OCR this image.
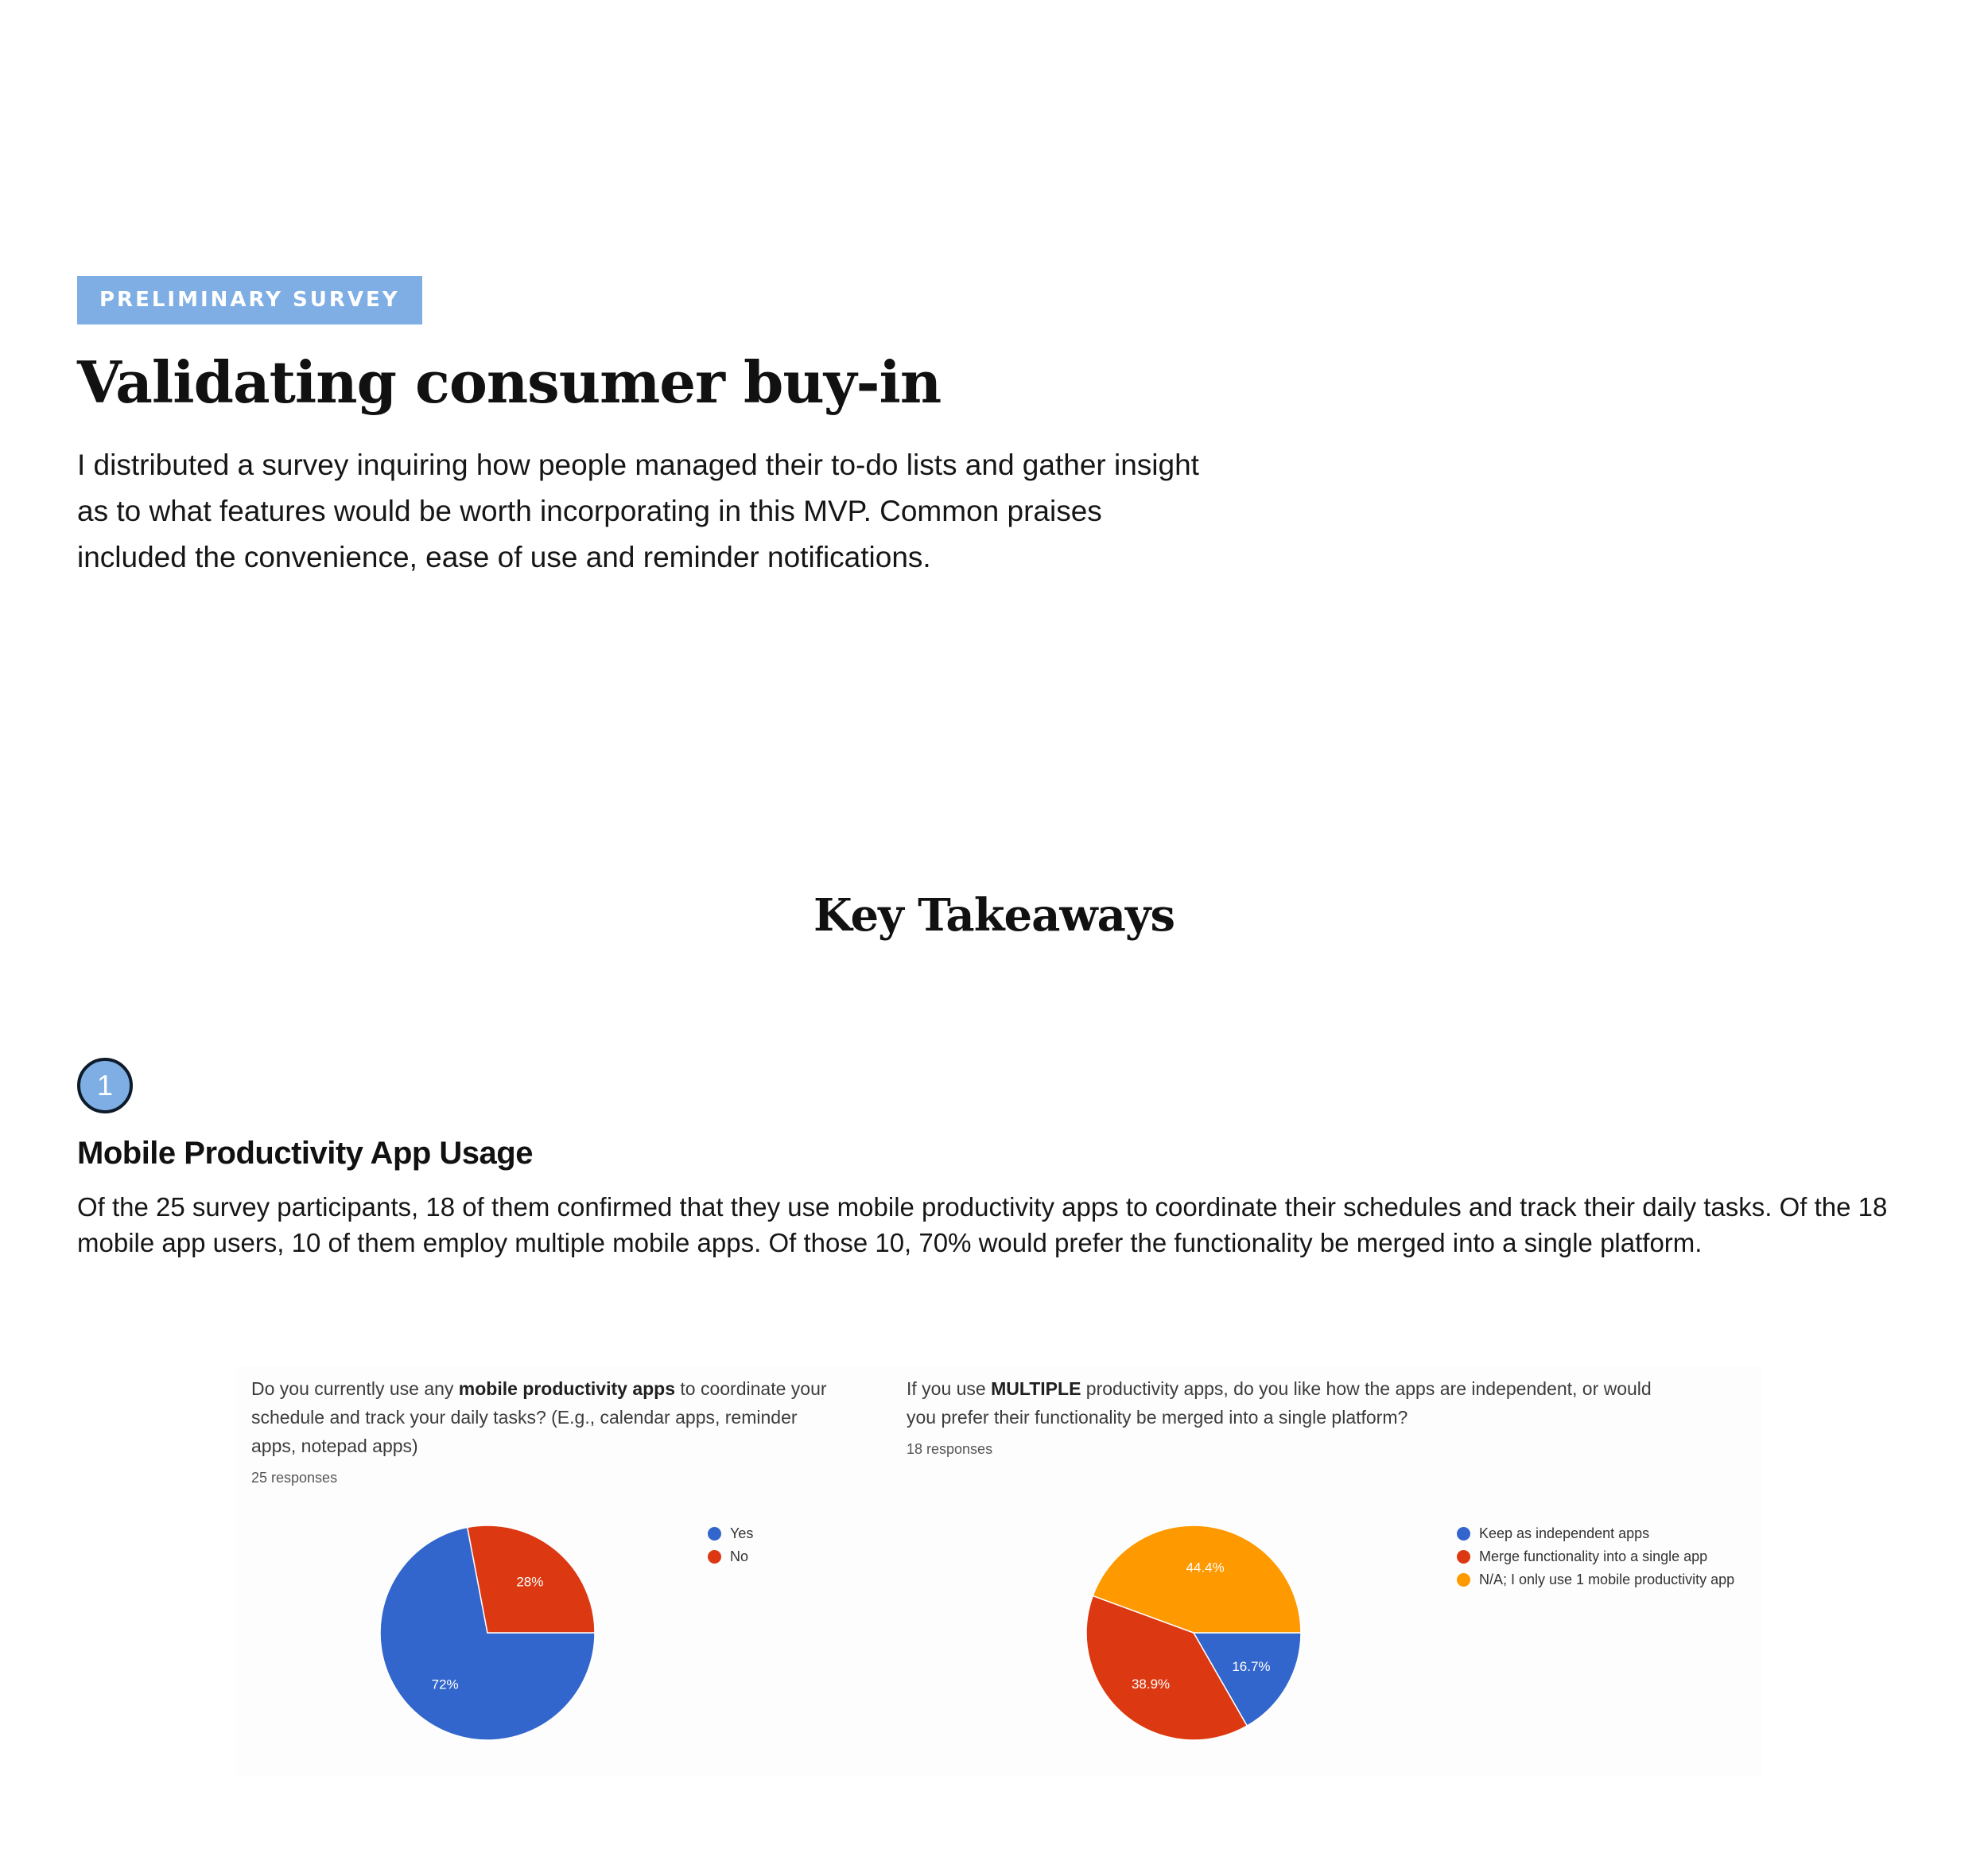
PRELIMINARY SURVEY
Validating consumer buy-in

I distributed a survey inquiring how people managed their to-do lists and gather insight as to what features would be worth incorporating in this MVP. Common praises included the convenience, ease of use and reminder notifications.

Key Takeaways
1
Mobile Productivity App Usage

Of the 25 survey participants, 18 of them confirmed that they use mobile productivity apps to coordinate their schedules and track their daily tasks. Of the 18 mobile app users, 10 of them employ multiple mobile apps. Of those 10, 70% would prefer the functionality be merged into a single platform.

Do you currently use any mobile productivity apps to coordinate your schedule and track your daily tasks? (E.g., calendar apps, reminder apps, notepad apps)

25 responses
72%
28%
Yes
No

If you use MULTIPLE productivity apps, do you like how the apps are independent, or would you prefer their functionality be merged into a single platform?

18 responses
16.7%
38.9%
44.4%
Keep as independent apps
Merge functionality into a single app
N/A; I only use 1 mobile productivity app
